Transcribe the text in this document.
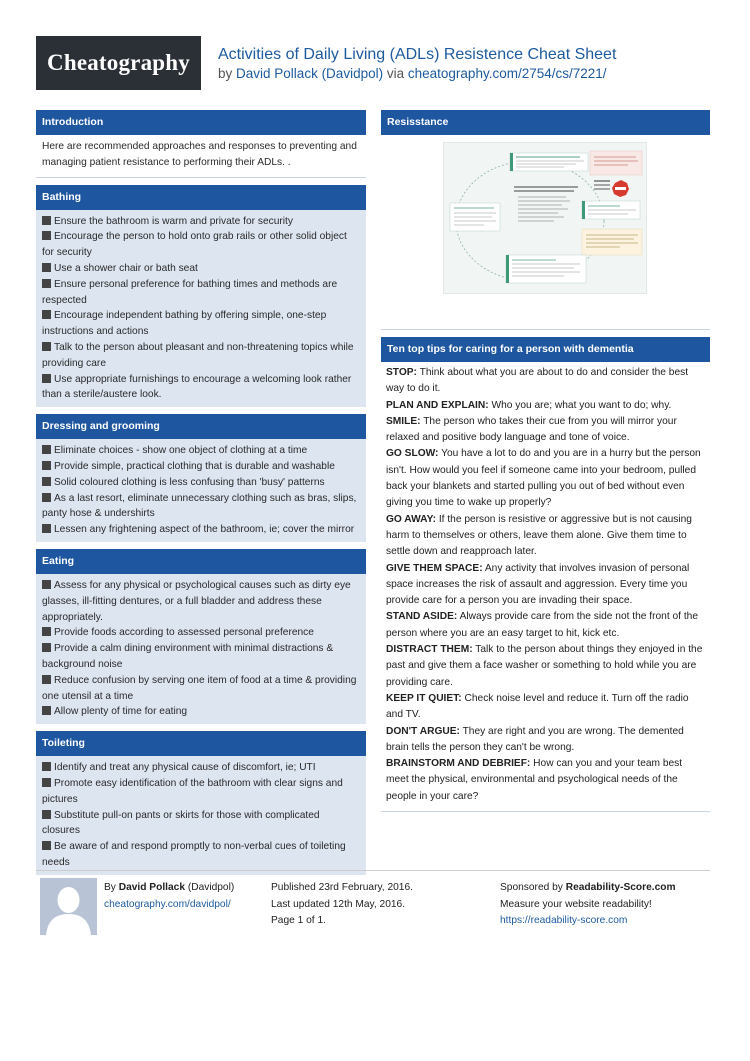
Cheatography	Activities of Daily Living (ADLs) Resistence Cheat Sheet
by David Pollack (Davidpol) via cheatography.com/2754/cs/7221/
Introduction
Here are recommended approaches and responses to preventing and managing patient resistance to performing their ADLs. .
Bathing
Ensure the bathroom is warm and private for security
Encourage the person to hold onto grab rails or other solid object for security
Use a shower chair or bath seat
Ensure personal preference for bathing times and methods are respected
Encourage independent bathing by offering simple, one-step instructions and actions
Talk to the person about pleasant and non-threatening topics while providing care
Use appropriate furnishings to encourage a welcoming look rather than a sterile/austere look.
Dressing and grooming
Eliminate choices - show one object of clothing at a time
Provide simple, practical clothing that is durable and washable
Solid coloured clothing is less confusing than 'busy' patterns
As a last resort, eliminate unnecessary clothing such as bras, slips, panty hose & undershirts
Lessen any frightening aspect of the bathroom, ie; cover the mirror
Eating
Assess for any physical or psychological causes such as dirty eye glasses, ill-fitting dentures, or a full bladder and address these appropriately.
Provide foods according to assessed personal preference
Provide a calm dining environment with minimal distractions & background noise
Reduce confusion by serving one item of food at a time & providing one utensil at a time
Allow plenty of time for eating
Toileting
Identify and treat any physical cause of discomfort, ie; UTI
Promote easy identification of the bathroom with clear signs and pictures
Substitute pull-on pants or skirts for those with complicated closures
Be aware of and respond promptly to non-verbal cues of toileting needs
Resisstance
Ten top tips for caring for a person with dementia
STOP: Think about what you are about to do and consider the best way to do it.
PLAN AND EXPLAIN: Who you are; what you want to do; why.
SMILE: The person who takes their cue from you will mirror your relaxed and positive body language and tone of voice.
GO SLOW: You have a lot to do and you are in a hurry but the person isn't. How would you feel if someone came into your bedroom, pulled back your blankets and started pulling you out of bed without even giving you time to wake up properly?
GO AWAY: If the person is resistive or aggressive but is not causing harm to themselves or others, leave them alone. Give them time to settle down and reapproach later.
GIVE THEM SPACE: Any activity that involves invasion of personal space increases the risk of assault and aggression. Every time you provide care for a person you are invading their space.
STAND ASIDE: Always provide care from the side not the front of the person where you are an easy target to hit, kick etc.
DISTRACT THEM: Talk to the person about things they enjoyed in the past and give them a face washer or something to hold while you are providing care.
KEEP IT QUIET: Check noise level and reduce it. Turn off the radio and TV.
DON'T ARGUE: They are right and you are wrong. The demented brain tells the person they can't be wrong.
BRAINSTORM AND DEBRIEF: How can you and your team best meet the physical, environmental and psychological needs of the people in your care?
By David Pollack (Davidpol)
cheatography.com/davidpol/
Published 23rd February, 2016.
Last updated 12th May, 2016.
Page 1 of 1.
Sponsored by Readability-Score.com
Measure your website readability!
https://readability-score.com
